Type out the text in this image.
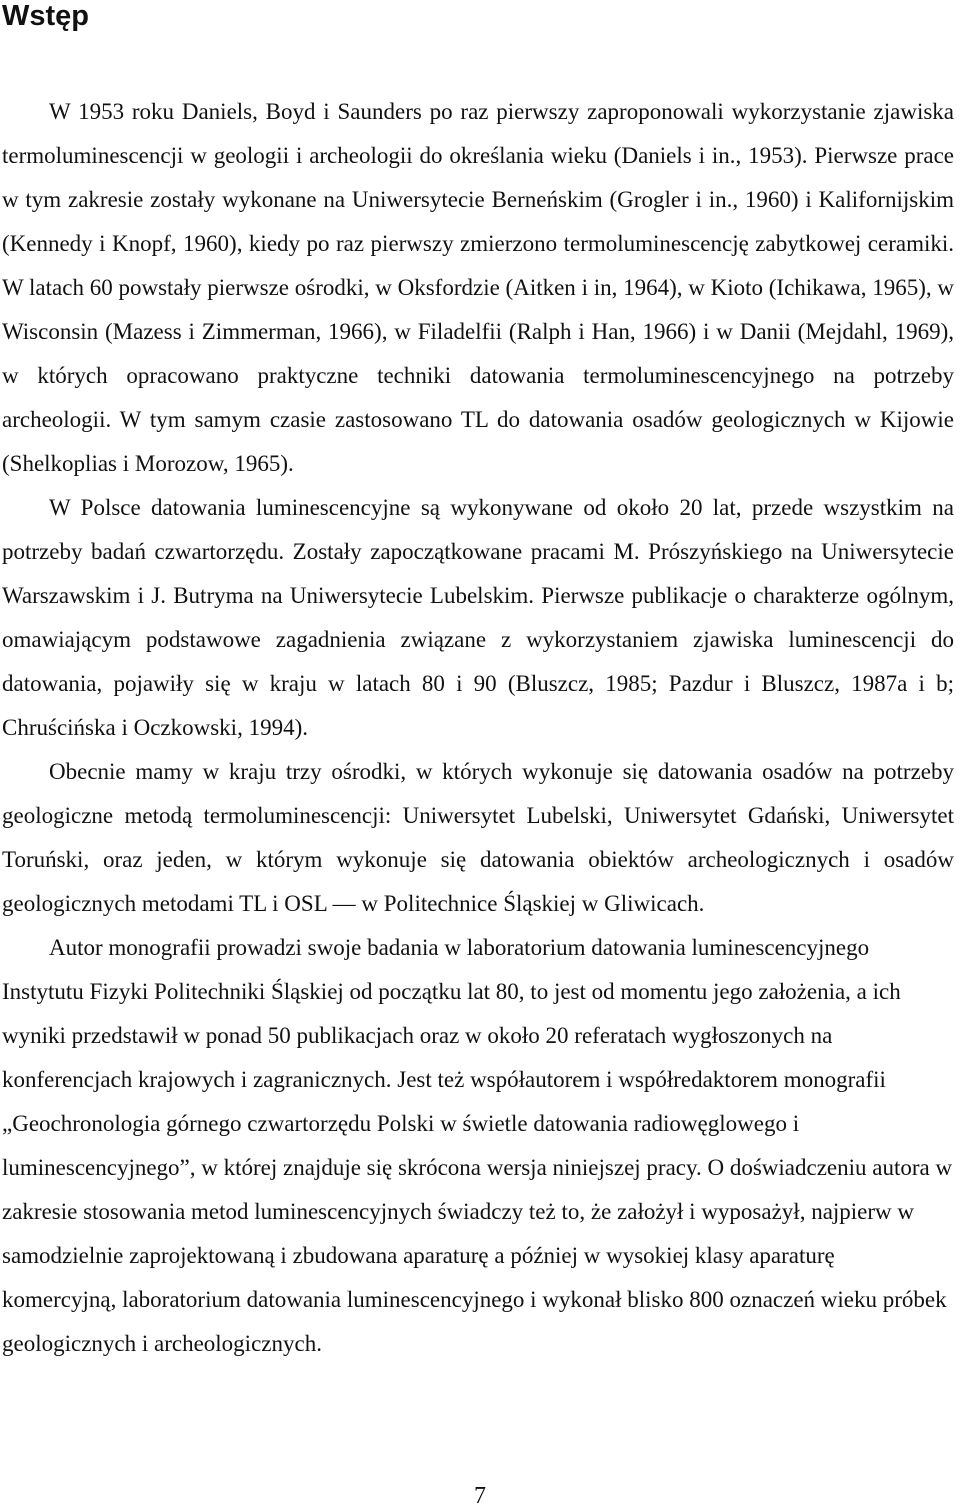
Wstęp

W 1953 roku Daniels, Boyd i Saunders po raz pierwszy zaproponowali wykorzystanie zjawiska termoluminescencji w geologii i archeologii do określania wieku (Daniels i in., 1953). Pierwsze prace w tym zakresie zostały wykonane na Uniwersytecie Berneńskim (Grogler i in., 1960) i Kalifornijskim (Kennedy i Knopf, 1960), kiedy po raz pierwszy zmierzono termoluminescencję zabytkowej ceramiki. W latach 60 powstały pierwsze ośrodki, w Oksfordzie (Aitken i in, 1964), w Kioto (Ichikawa, 1965), w Wisconsin (Mazess i Zimmerman, 1966), w Filadelfii (Ralph i Han, 1966) i w Danii (Mejdahl, 1969), w których opracowano praktyczne techniki datowania termoluminescencyjnego na potrzeby archeologii. W tym samym czasie zastosowano TL do datowania osadów geologicznych w Kijowie (Shelkoplias i Morozow, 1965).

W Polsce datowania luminescencyjne są wykonywane od około 20 lat, przede wszystkim na potrzeby badań czwartorzędu. Zostały zapoczątkowane pracami M. Prószyńskiego na Uniwersytecie Warszawskim i J. Butryma na Uniwersytecie Lubelskim. Pierwsze publikacje o charakterze ogólnym, omawiającym podstawowe zagadnienia związane z wykorzystaniem zjawiska luminescencji do datowania, pojawiły się w kraju w latach 80 i 90 (Bluszcz, 1985; Pazdur i Bluszcz, 1987a i b; Chruścińska i Oczkowski, 1994).

Obecnie mamy w kraju trzy ośrodki, w których wykonuje się datowania osadów na potrzeby geologiczne metodą termoluminescencji: Uniwersytet Lubelski, Uniwersytet Gdański, Uniwersytet Toruński, oraz jeden, w którym wykonuje się datowania obiektów archeologicznych i osadów geologicznych metodami TL i OSL — w Politechnice Śląskiej w Gliwicach.

Autor monografii prowadzi swoje badania w laboratorium datowania luminescencyjnego Instytutu Fizyki Politechniki Śląskiej od początku lat 80, to jest od momentu jego założenia, a ich wyniki przedstawił w ponad 50 publikacjach oraz w około 20 referatach wygłoszonych na konferencjach krajowych i zagranicznych. Jest też współautorem i współredaktorem monografii „Geochronologia górnego czwartorzędu Polski w świetle datowania radiowęglowego i luminescencyjnego”, w której znajduje się skrócona wersja niniejszej pracy. O doświadczeniu autora w zakresie stosowania metod luminescencyjnych świadczy też to, że założył i wyposażył, najpierw w samodzielnie zaprojektowaną i zbudowana aparaturę a później w wysokiej klasy aparaturę komercyjną, laboratorium datowania luminescencyjnego i wykonał blisko 800 oznaczeń wieku próbek geologicznych i archeologicznych.

7
